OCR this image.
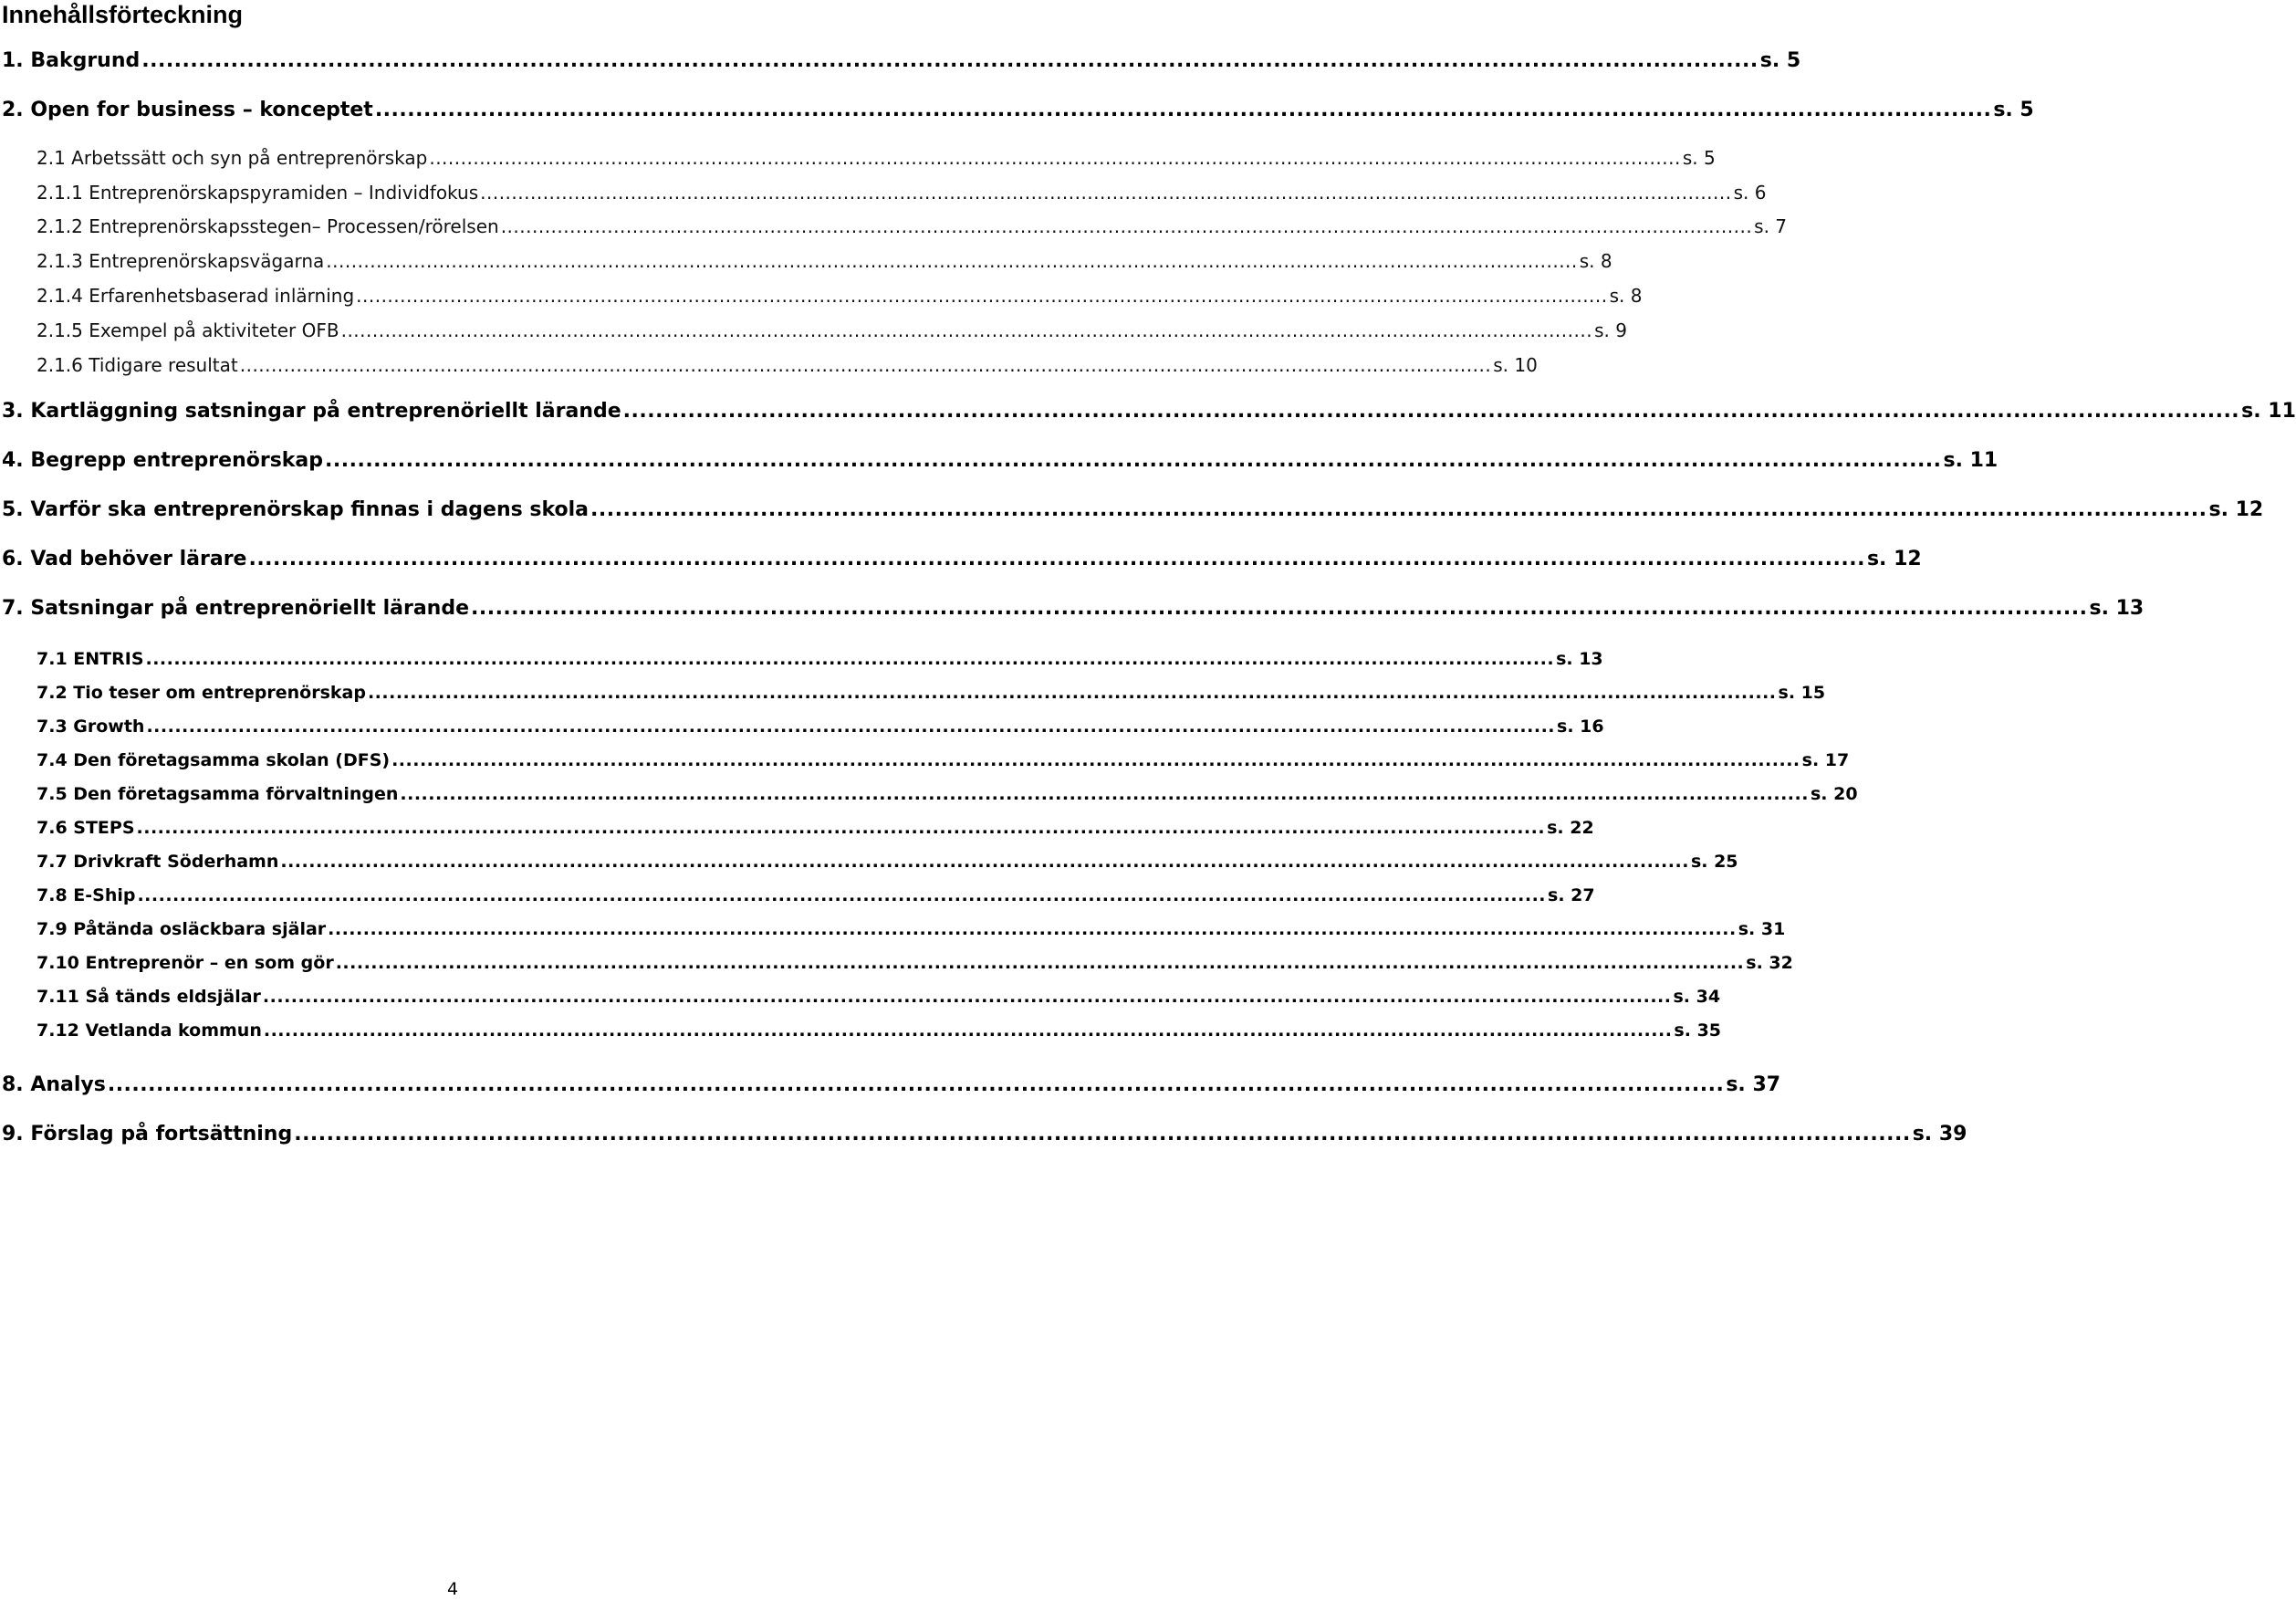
Innehållsförteckning
1. Bakgrund ........................................................................................................................................................................................................ s. 5
2. Open for business – konceptet ........................................................................................................................................................................................................ s. 5
2.1 Arbetssätt och syn på entreprenörskap ........................................................................................................................................................................................................ s. 5
2.1.1 Entreprenörskapspyramiden – Individfokus ........................................................................................................................................................................................................ s. 6
2.1.2 Entreprenörskapsstegen– Processen/rörelsen ........................................................................................................................................................................................................ s. 7
2.1.3 Entreprenörskapsvägarna ........................................................................................................................................................................................................ s. 8
2.1.4 Erfarenhetsbaserad inlärning ........................................................................................................................................................................................................ s. 8
2.1.5 Exempel på aktiviteter OFB ........................................................................................................................................................................................................ s. 9
2.1.6 Tidigare resultat ........................................................................................................................................................................................................ s. 10
3. Kartläggning satsningar på entreprenöriellt lärande ........................................................................................................................................................................................................ s. 11
4. Begrepp entreprenörskap ........................................................................................................................................................................................................ s. 11
5. Varför ska entreprenörskap finnas i dagens skola ........................................................................................................................................................................................................ s. 12
6. Vad behöver lärare ........................................................................................................................................................................................................ s. 12
7. Satsningar på entreprenöriellt lärande ........................................................................................................................................................................................................ s. 13
7.1 ENTRIS ........................................................................................................................................................................................................ s. 13
7.2 Tio teser om entreprenörskap ........................................................................................................................................................................................................ s. 15
7.3 Growth ........................................................................................................................................................................................................ s. 16
7.4 Den företagsamma skolan (DFS) ........................................................................................................................................................................................................ s. 17
7.5 Den företagsamma förvaltningen ........................................................................................................................................................................................................ s. 20
7.6 STEPS ........................................................................................................................................................................................................ s. 22
7.7 Drivkraft Söderhamn ........................................................................................................................................................................................................ s. 25
7.8 E-Ship ........................................................................................................................................................................................................ s. 27
7.9 Påtända osläckbara själar ........................................................................................................................................................................................................ s. 31
7.10 Entreprenör – en som gör ........................................................................................................................................................................................................ s. 32
7.11 Så tänds eldsjälar ........................................................................................................................................................................................................ s. 34
7.12 Vetlanda kommun ........................................................................................................................................................................................................ s. 35
8. Analys ........................................................................................................................................................................................................ s. 37
9. Förslag på fortsättning ........................................................................................................................................................................................................ s. 39
4
